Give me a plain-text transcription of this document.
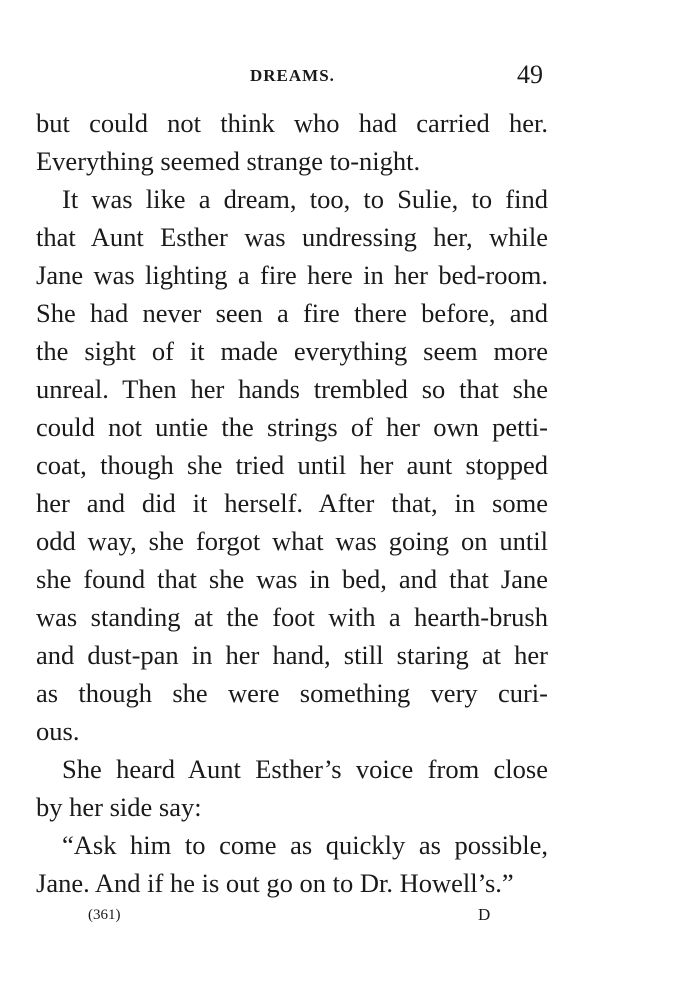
DREAMS.	49
but could not think who had carried her.
Everything seemed strange to-night.
It was like a dream, too, to Sulie, to find
that Aunt Esther was undressing her, while
Jane was lighting a fire here in her bed-room.
She had never seen a fire there before, and
the sight of it made everything seem more
unreal. Then her hands trembled so that she
could not untie the strings of her own petti-
coat, though she tried until her aunt stopped
her and did it herself. After that, in some
odd way, she forgot what was going on until
she found that she was in bed, and that Jane
was standing at the foot with a hearth-brush
and dust-pan in her hand, still staring at her
as though she were something very curi-
ous.
She heard Aunt Esther’s voice from close
by her side say:
“Ask him to come as quickly as possible,
Jane. And if he is out go on to Dr. Howell’s.”
(361)	D
